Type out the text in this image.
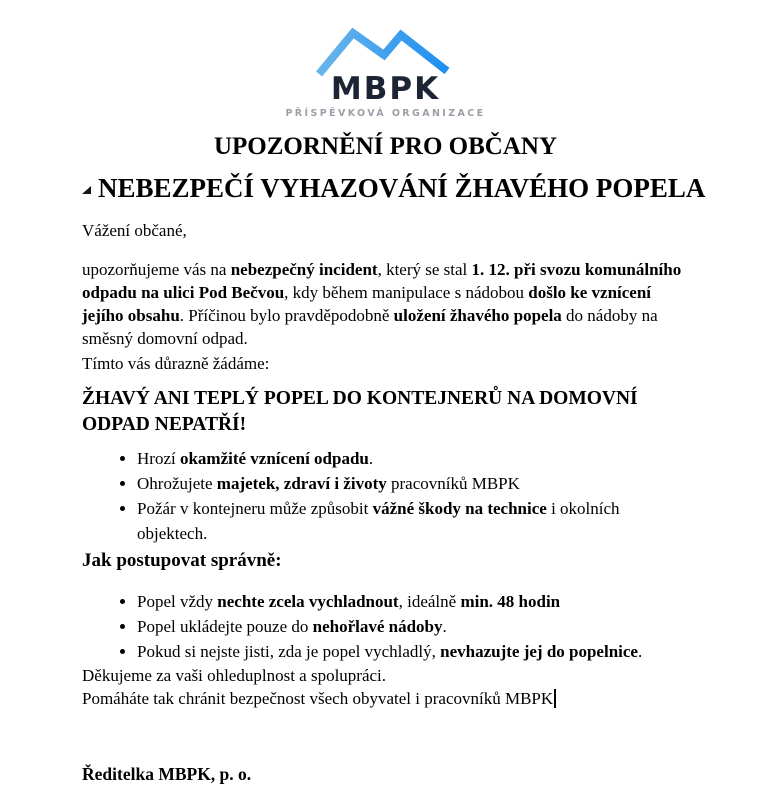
MBPK
PŘÍSPĚVKOVÁ ORGANIZACE
UPOZORNĚNÍ PRO OBČANY
NEBEZPEČÍ VYHAZOVÁNÍ ŽHAVÉHO POPELA

Vážení občané,

upozorňujeme vás na nebezpečný incident, který se stal 1. 12. při svozu komunálního odpadu na ulici Pod Bečvou, kdy během manipulace s nádobou došlo ke vznícení jejího obsahu. Příčinou bylo pravděpodobně uložení žhavého popela do nádoby na směsný domovní odpad.

Tímto vás důrazně žádáme:

ŽHAVÝ ANI TEPLÝ POPEL DO KONTEJNERŮ NA DOMOVNÍ ODPAD NEPATŘÍ!

• Hrozí okamžité vznícení odpadu.
• Ohrožujete majetek, zdraví i životy pracovníků MBPK
• Požár v kontejneru může způsobit vážné škody na technice i okolních objektech.

Jak postupovat správně:

• Popel vždy nechte zcela vychladnout, ideálně min. 48 hodin
• Popel ukládejte pouze do nehořlavé nádoby.
• Pokud si nejste jisti, zda je popel vychladlý, nevhazujte jej do popelnice.

Děkujeme za vaši ohleduplnost a spolupráci.
Pomáháte tak chránit bezpečnost všech obyvatel i pracovníků MBPK

Ředitelka MBPK, p. o.
